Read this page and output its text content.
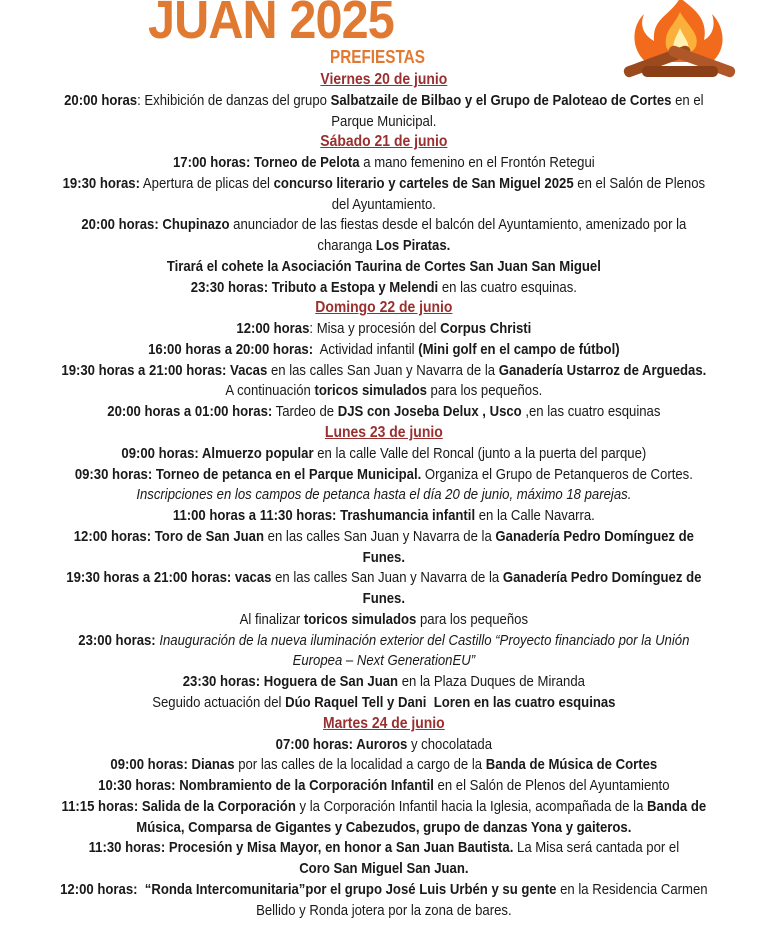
JUAN 2025
PREFIESTAS
Viernes 20 de junio
20:00 horas: Exhibición de danzas del grupo Salbatzaile de Bilbao y el Grupo de Paloteao de Cortes en el
Parque Municipal.
Sábado 21 de junio
17:00 horas: Torneo de Pelota a mano femenino en el Frontón Retegui
19:30 horas: Apertura de plicas del concurso literario y carteles de San Miguel 2025 en el Salón de Plenos
del Ayuntamiento.
20:00 horas: Chupinazo anunciador de las fiestas desde el balcón del Ayuntamiento, amenizado por la
charanga Los Piratas.
Tirará el cohete la Asociación Taurina de Cortes San Juan San Miguel
23:30 horas: Tributo a Estopa y Melendi en las cuatro esquinas.
Domingo 22 de junio
12:00 horas: Misa y procesión del Corpus Christi
16:00 horas a 20:00 horas:  Actividad infantil (Mini golf en el campo de fútbol)
19:30 horas a 21:00 horas: Vacas en las calles San Juan y Navarra de la Ganadería Ustarroz de Arguedas.
A continuación toricos simulados para los pequeños.
20:00 horas a 01:00 horas: Tardeo de DJS con Joseba Delux , Usco ,en las cuatro esquinas
Lunes 23 de junio
09:00 horas: Almuerzo popular en la calle Valle del Roncal (junto a la puerta del parque)
09:30 horas: Torneo de petanca en el Parque Municipal. Organiza el Grupo de Petanqueros de Cortes.
Inscripciones en los campos de petanca hasta el día 20 de junio, máximo 18 parejas.
11:00 horas a 11:30 horas: Trashumancia infantil en la Calle Navarra.
12:00 horas: Toro de San Juan en las calles San Juan y Navarra de la Ganadería Pedro Domínguez de
Funes.
19:30 horas a 21:00 horas: vacas en las calles San Juan y Navarra de la Ganadería Pedro Domínguez de
Funes.
Al finalizar toricos simulados para los pequeños
23:00 horas: Inauguración de la nueva iluminación exterior del Castillo “Proyecto financiado por la Unión
Europea – Next GenerationEU”
23:30 horas: Hoguera de San Juan en la Plaza Duques de Miranda
Seguido actuación del Dúo Raquel Tell y Dani  Loren en las cuatro esquinas
Martes 24 de junio
07:00 horas: Auroros y chocolatada
09:00 horas: Dianas por las calles de la localidad a cargo de la Banda de Música de Cortes
10:30 horas: Nombramiento de la Corporación Infantil en el Salón de Plenos del Ayuntamiento
11:15 horas: Salida de la Corporación y la Corporación Infantil hacia la Iglesia, acompañada de la Banda de
Música, Comparsa de Gigantes y Cabezudos, grupo de danzas Yona y gaiteros.
11:30 horas: Procesión y Misa Mayor, en honor a San Juan Bautista. La Misa será cantada por el
Coro San Miguel San Juan.
12:00 horas:  “Ronda Intercomunitaria”por el grupo José Luis Urbén y su gente en la Residencia Carmen
Bellido y Ronda jotera por la zona de bares.
